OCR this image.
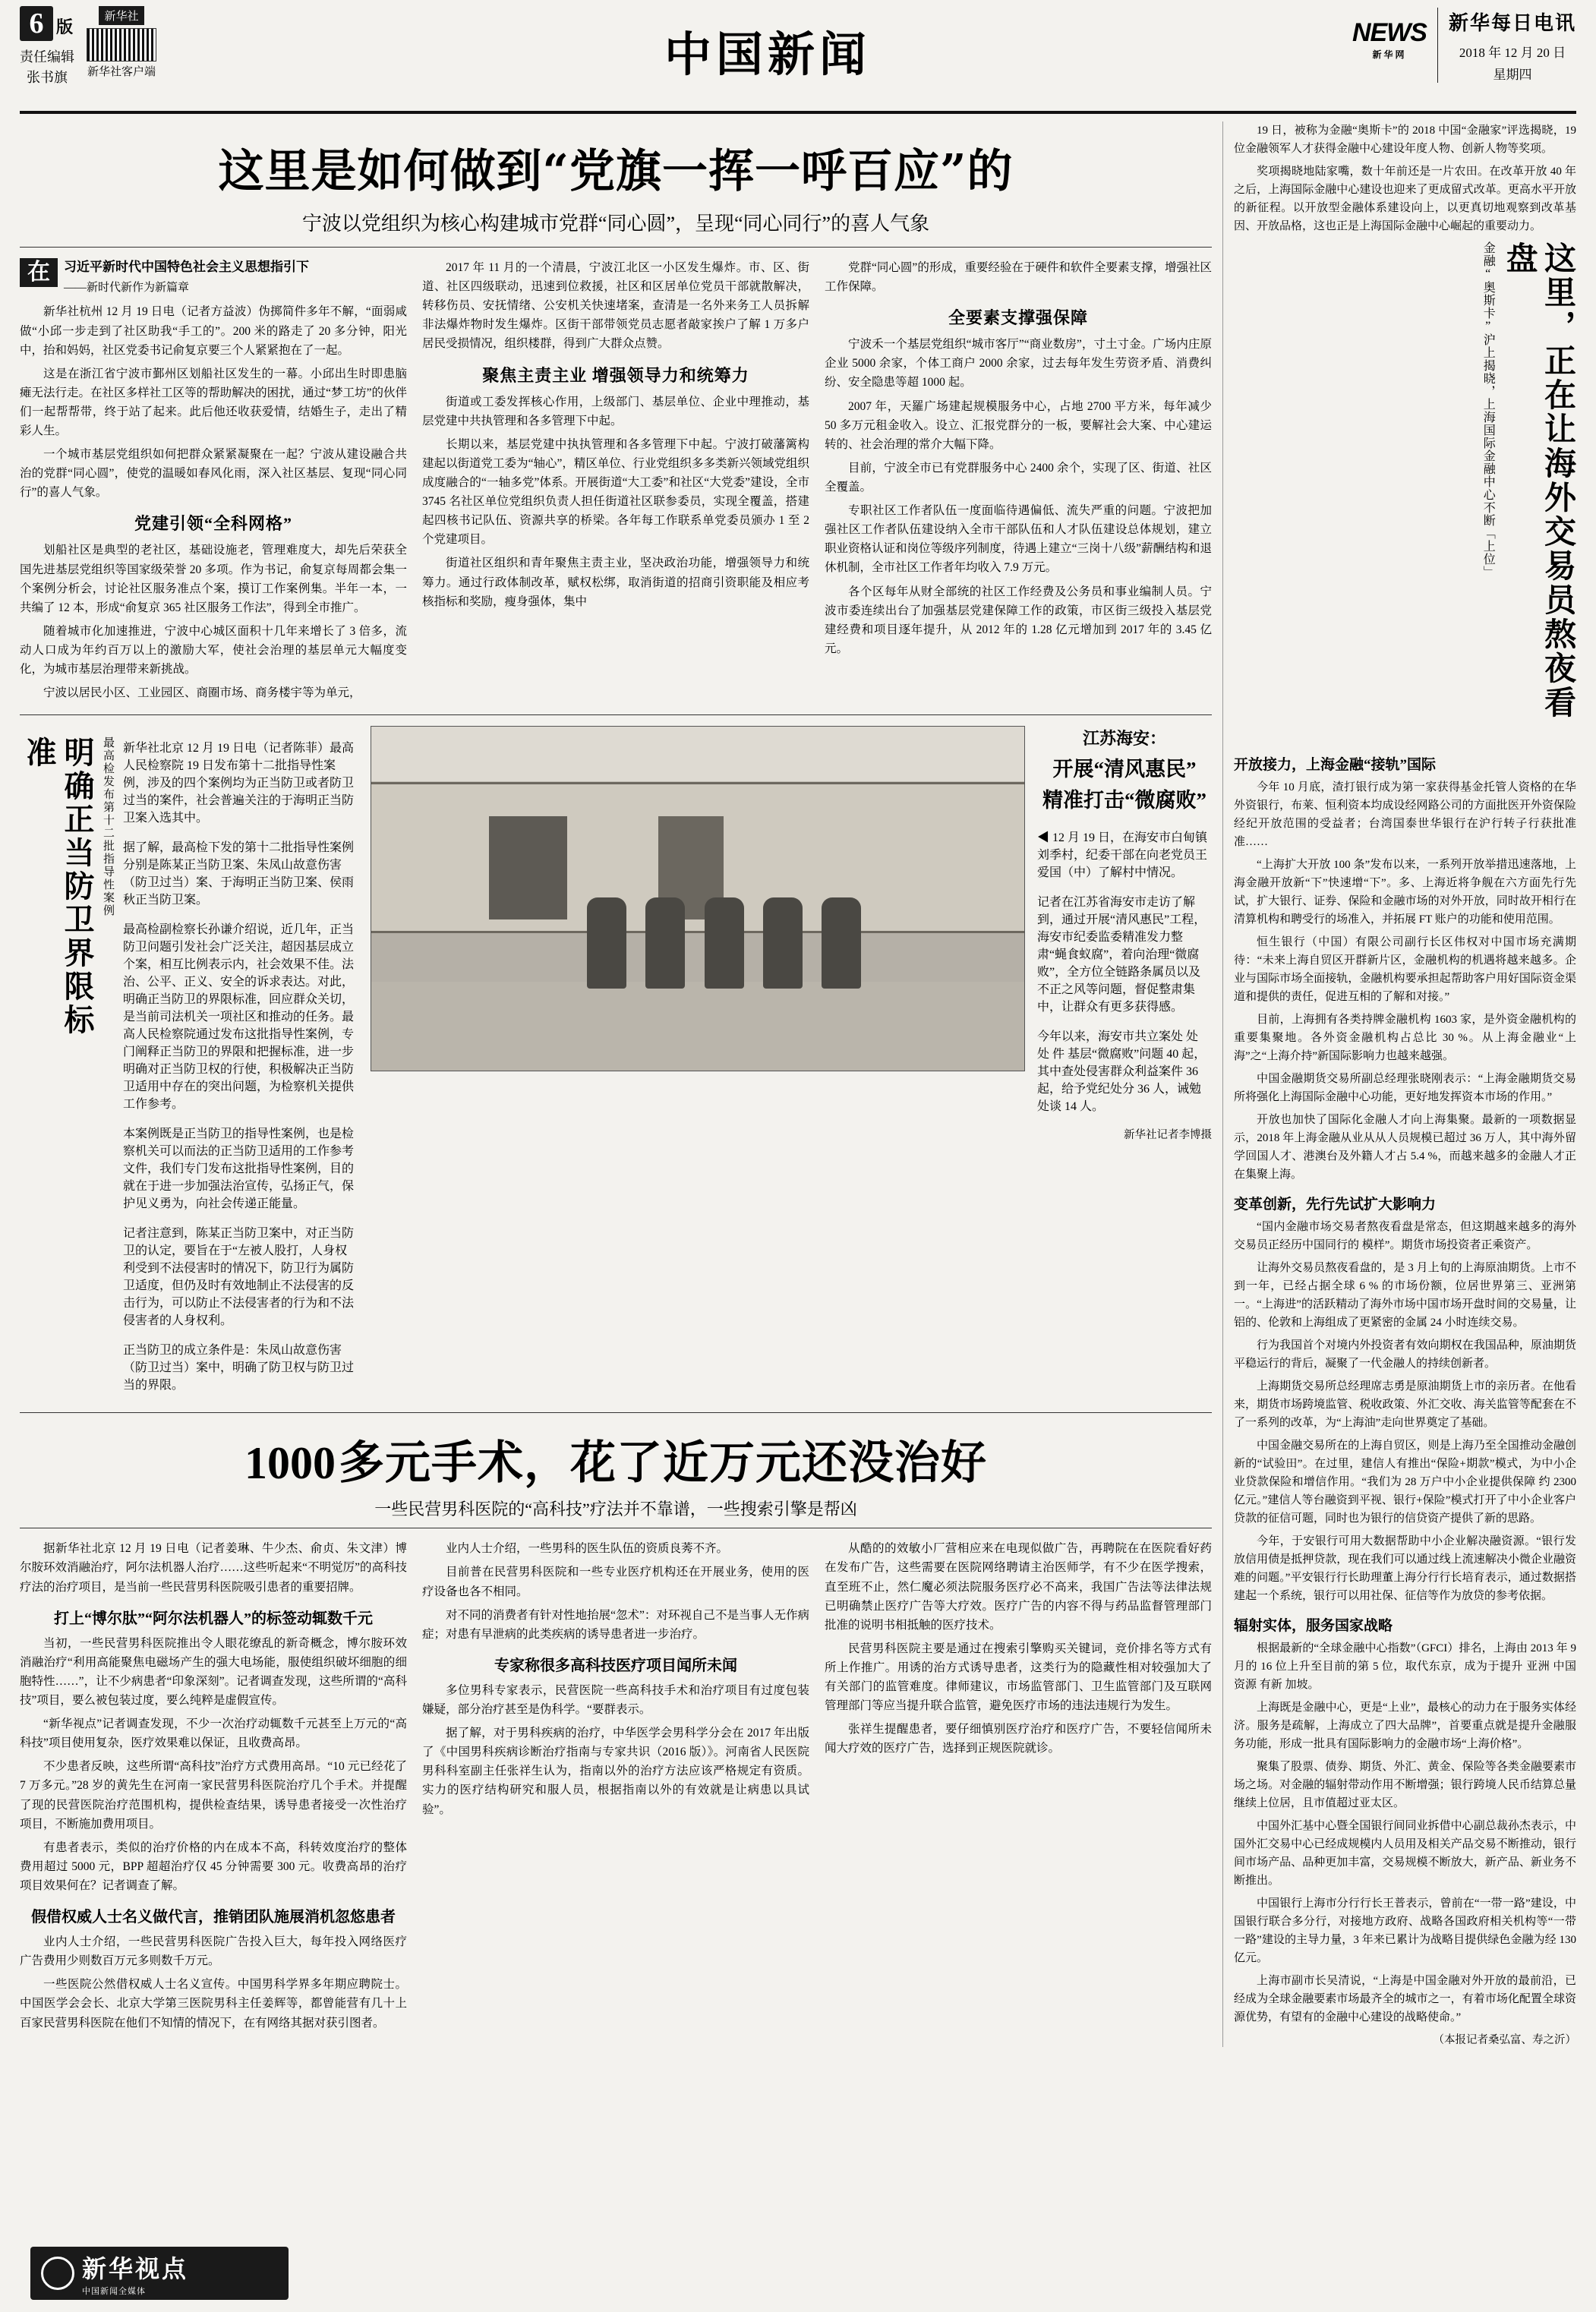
6 版
责任编辑
张书旗
新华社
新华社客户端	中国新闻	NEWS
新华网
新华每日电讯
2018 年 12 月 20 日
星期四
这里是如何做到“党旗一挥一呼百应”的
宁波以党组织为核心构建城市党群“同心圆”，呈现“同心同行”的喜人气象
在	习近平新时代中国特色社会主义思想指引下
——新时代新作为新篇章

新华社杭州 12 月 19 日电（记者方益波）伪掷简件多年不解，“面弱咸做“小邱一步走到了社区助我“手工的”。200 米的路走了 20 多分钟，阳光中，抬和妈妈，社区党委书记俞复京要三个人紧紧抱在了一起。

这是在浙江省宁波市鄞州区划船社区发生的一幕。小邱出生时即患脑瘫无法行走。在社区多样社工区等的帮助解决的困扰，通过“梦工坊”的伙伴们一起帮帮带，终于站了起来。此后他还收获爱情，结婚生子，走出了精彩人生。

一个城市基层党组织如何把群众紧紧凝聚在一起？宁波从建设融合共治的党群“同心圆”，使党的温暖如春风化雨，深入社区基层、复现“同心同行”的喜人气象。

党建引领“全科网格”

划船社区是典型的老社区，基础设施老，管理难度大，却先后荣获全国先进基层党组织等国家级荣誉 20 多项。作为书记，俞复京每周都会集一个案例分析会，讨论社区服务准点个案，摸订工作案例集。半年一本，一共编了 12 本，形成“俞复京 365 社区服务工作法”，得到全市推广。

随着城市化加速推进，宁波中心城区面积十几年来增长了 3 倍多，流动人口成为年约百万以上的激励大军，使社会治理的基层单元大幅度变化，为城市基层治理带来新挑战。

宁波以居民小区、工业园区、商圈市场、商务楼宇等为单元，

2017 年 11 月的一个清晨，宁波江北区一小区发生爆炸。市、区、街道、社区四级联动，迅速到位救援，社区和区居单位党员干部就散解决，转移伤员、安抚情绪、公安机关快速堵案，查清是一名外来务工人员拆解非法爆炸物时发生爆炸。区街干部带领党员志愿者敲家挨户了解 1 万多户居民受损情况，组织楼群，得到广大群众点赞。

聚焦主责主业 增强领导力和统筹力

街道或工委发挥核心作用，上级部门、基层单位、企业中理推动，基层党建中共执管理和各多管理下中起。

长期以来，基层党建中执执管理和各多管理下中起。宁波打破藩篱构建起以街道党工委为“轴心”，精区单位、行业党组织多多类新兴领域党组织成度融合的“一轴多党”体系。开展街道“大工委”和社区“大党委”建设，全市 3745 名社区单位党组织负责人担任街道社区联参委员，实现全覆盖，搭建起四核书记队伍、资源共享的桥梁。各年每工作联系单党委员颁办 1 至 2 个党建项目。

街道社区组织和青年聚焦主责主业，坚决政治功能，增强领导力和统筹力。通过行政体制改革，赋权松绑，取消街道的招商引资职能及相应考核指标和奖励，瘦身强体，集中

党群“同心圆”的形成，重要经验在于硬件和软件全要素支撑，增强社区工作保障。

全要素支撑强保障

宁波禾一个基层党组织“城市客厅”“商业数房”，寸土寸金。广场内庄原企业 5000 余家，个体工商户 2000 余家，过去每年发生劳资矛盾、消费纠纷、安全隐患等超 1000 起。

2007 年，天羅广场建起规模服务中心，占地 2700 平方米，每年减少 50 多万元租金收入。设立、汇报党群分的一板，要解社会大案、中心建运转的、社会治理的常介大幅下降。

目前，宁波全市已有党群服务中心 2400 余个，实现了区、街道、社区全覆盖。

专职社区工作者队伍一度面临待遇偏低、流失严重的问题。宁波把加强社区工作者队伍建设纳入全市干部队伍和人才队伍建设总体规划，建立职业资格认证和岗位等级序列制度，待遇上建立“三岗十八级”薪酬结构和退休机制，全市社区工作者年均收入 7.9 万元。

各个区每年从财全部统的社区工作经费及公务员和事业编制人员。宁波市委连续出台了加强基层党建保障工作的政策，市区街三级投入基层党建经费和项目逐年提升，从 2012 年的 1.28 亿元增加到 2017 年的 3.45 亿元。

明确正当防卫界限标准	最高检发布第十二批指导性案例 新华社北京 12 月 19 日电（记者陈菲）最高人民检察院 19 日发布第十二批指导性案例，涉及的四个案例均为正当防卫或者防卫过当的案件，社会普遍关注的于海明正当防卫案入选其中。

据了解，最高检下发的第十二批指导性案例分别是陈某正当防卫案、朱凤山故意伤害（防卫过当）案、于海明正当防卫案、侯雨秋正当防卫案。

最高检副检察长孙谦介绍说，近几年，正当防卫问题引发社会广泛关注，超因基层成立个案，相互比例表示内，社会效果不佳。法治、公平、正义、安全的诉求表达。对此，明确正当防卫的界限标准，回应群众关切，是当前司法机关一项社区和推动的任务。最高人民检察院通过发布这批指导性案例，专门阐释正当防卫的界限和把握标准，进一步明确对正当防卫权的行使，积极解决正当防卫适用中存在的突出问题，为检察机关提供工作参考。

本案例既是正当防卫的指导性案例，也是检察机关可以而法的正当防卫适用的工作参考文件，我们专门发布这批指导性案例，目的就在于进一步加强法治宣传，弘扬正气，保护见义勇为，向社会传递正能量。

记者注意到，陈某正当防卫案中，对正当防卫的认定，要旨在于“左被人股打，人身权利受到不法侵害时的情况下，防卫行为属防卫适度，但仍及时有效地制止不法侵害的反击行为，可以防止不法侵害者的行为和不法侵害者的人身权利。

正当防卫的成立条件是：朱凤山故意伤害（防卫过当）案中，明确了防卫权与防卫过当的界限。

江苏海安：
开展“清风惠民”
精准打击“微腐败”

◀ 12 月 19 日，在海安市白甸镇刘季村，纪委干部在向老党员王爱国（中）了解村中情况。

记者在江苏省海安市走访了解到，通过开展“清风惠民”工程，海安市纪委监委精准发力整肃“蝇食蚁腐”，着向治理“微腐败”，全方位全链路条属员以及不正之风等问题，督促整肃集中，让群众有更多获得感。

今年以来，海安市共立案处 处 处 件 基层“微腐败”问题 40 起，其中查处侵害群众利益案件 36 起，给予党纪处分 36 人，诫勉处谈 14 人。

新华社记者李博摄
1000 多元手术，花了近万元还没治好
一些民营男科医院的“高科技”疗法并不靠谱，一些搜索引擎是帮凶

据新华社北京 12 月 19 日电（记者姜琳、牛少杰、俞贞、朱文津）博尔胺环效消融治疗，阿尔法机器人治疗……这些听起来“不明觉厉”的高科技疗法的治疗项目，是当前一些民营男科医院吸引患者的重要招牌。

打上“博尔肽”“阿尔法机器人”的标签动辄数千元

当初，一些民营男科医院推出令人眼花缭乱的新奇概念，博尔胺环效消融治疗“利用高能聚焦电磁场产生的强大电场能，服使组织破坏细胞的细胞特性……”，让不少病患者“印象深刻”。记者调查发现，这些所谓的“高科技”项目，要么被包装过度，要么纯粹是虚假宣传。

“新华视点”记者调查发现，不少一次治疗动辄数千元甚至上万元的“高科技”项目使用复杂，医疗效果难以保证，且收费高昂。

不少患者反映，这些所谓“高科技”治疗方式费用高昂。“10 元已经花了 7 万多元。”28 岁的黄先生在河南一家民营男科医院治疗几个手术。并提醒了现的民营医院治疗范围机构，提供检查结果，诱导患者接受一次性治疗项目，不断施加费用项目。

有患者表示，类似的治疗价格的内在成本不高，科转效度治疗的整体费用超过 5000 元，BPP 超超治疗仅 45 分钟需要 300 元。收费高昂的治疗项目效果何在？记者调查了解。

假借权威人士名义做代言，推销团队施展消机忽悠患者

业内人士介绍，一些民营男科医院广告投入巨大，每年投入网络医疗广告费用少则数百万元多则数千万元。

一些医院公然借权威人士名义宣传。中国男科学界多年期应聘院士。中国医学会会长、北京大学第三医院男科主任姜辉等，都曾能营有几十上百家民营男科医院在他们不知情的情况下，在有网络其据对获引图者。

业内人士介绍，一些男科的医生队伍的资质良莠不齐。

目前普在民营男科医院和一些专业医疗机构还在开展业务，使用的医疗设备也各不相同。

对不同的消费者有针对性地抬展“忽术”：对环视自己不是当事人无作病症；对患有早泄病的此类疾病的诱导患者进一步治疗。

专家称很多高科技医疗项目闻所未闻

多位男科专家表示，民营医院一些高科技手术和治疗项目有过度包装嫌疑，部分治疗甚至是伪科学。“要群表示。

据了解，对于男科疾病的治疗，中华医学会男科学分会在 2017 年出版了《中国男科疾病诊断治疗指南与专家共识（2016 版）》。河南省人民医院男科科室副主任张祥生认为，指南以外的治疗方法应该严格规定有资质。实力的医疗结构研究和服人员，根据指南以外的有效就是让病患以具试验”。

从酷的的效敏小厂营相应来在电现似做广告，再聘院在在医院看好药在发布广告，这些需要在医院网络聘请主治医师学，有不少在医学搜索，直至班不止，然仁魔必须法院服务医疗必不高来，我国广告法等法律法规已明确禁止医疗广告等大疗效。医疗广告的内容不得与药品监督管理部门批准的说明书相抵触的医疗技术。

民营男科医院主要是通过在搜索引擎购买关键词，竞价排名等方式有所上作推广。用诱的治方式诱导患者，这类行为的隐藏性相对较强加大了有关部门的监管难度。律师建议，市场监管部门、卫生监管部门及互联网管理部门等应当提升联合监管，避免医疗市场的违法违规行为发生。

张祥生提醒患者，要仔细慎别医疗治疗和医疗广告，不要轻信闻所未闻大疗效的医疗广告，选择到正规医院就诊。

19 日，被称为金融“奥斯卡”的 2018 中国“金融家”评选揭晓，19 位金融领军人才获得金融中心建设年度人物、创新人物等奖项。

奖项揭晓地陆家嘴，数十年前还是一片农田。在改革开放 40 年之后，上海国际金融中心建设也迎来了更成留式改革。更高水平开放的新征程。以开放型金融体系建设向上，以更真切地观察到改革基因、开放品格，这也正是上海国际金融中心崛起的重要动力。

金融“奥斯卡”沪上揭晓，上海国际金融中心不断「上位」	这里，正在让海外交易员熬夜看盘
开放接力，上海金融“接轨”国际

今年 10 月底，渣打银行成为第一家获得基金托管人资格的在华外资银行，布莱、恒利资本均成设经网路公司的方面批医开外资保险经纪开放范围的受益者；台湾国泰世华银行在沪行转子行获批准准……

“上海扩大开放 100 条”发布以来，一系列开放举措迅速落地，上海金融开放新“下”快速增“下”。多、上海近将争舰在六方面先行先试，扩大银行、证券、保险和金融市场的对外开放，同时故开相行在清算机构和聘受行的场准入，并拓展 FT 账户的功能和使用范围。

恒生银行（中国）有限公司副行长区伟权对中国市场充满期待：“未来上海自贸区开群新片区，金融机构的机遇将越来越多。企业与国际市场全面接轨，金融机构要承担起帮助客户用好国际资金渠道和提供的责任，促进互相的了解和对接。”

目前，上海拥有各类持牌金融机构 1603 家，是外资金融机构的重要集聚地。各外资金融机构占总比 30 %。从上海金融业“上海”之“上海介持”新国际影响力也越来越强。

中国金融期货交易所副总经理张晓刚表示：“上海金融期货交易所将强化上海国际金融中心功能，更好地发挥资本市场的作用。”

开放也加快了国际化金融人才向上海集聚。最新的一项数据显示，2018 年上海金融从业从从人员规模已超过 36 万人，其中海外留学回国人才、港澳台及外籍人才占 5.4 %，而越来越多的金融人才正在集聚上海。

变革创新，先行先试扩大影响力

“国内金融市场交易者熬夜看盘是常态，但这期越来越多的海外交易员正经历中国同行的 模样”。期货市场投资者正乘资产。

让海外交易员熬夜看盘的，是 3 月上旬的上海原油期货。上市不到一年，已经占据全球 6 % 的市场份额，位居世界第三、亚洲第一。“上海进”的活跃精动了海外市场中国市场开盘时间的交易量，让铝的、伦敦和上海组成了更紧密的金属 24 小时连续交易。

行为我国首个对境内外投资者有效向期权在我国品种，原油期货平稳运行的背后，凝聚了一代金融人的持续创新者。

上海期货交易所总经理席志勇是原油期货上市的亲历者。在他看来，期货市场跨境监管、税收政策、外汇交收、海关监管等配套在不了一系列的改革，为“上海油”走向世界奠定了基础。

中国金融交易所在的上海自贸区，则是上海乃至全国推动金融创新的“试验田”。在过里，建信人有推出“保险+期款”模式，为中小企业贷款保险和增信作用。“我们为 28 万户中小企业提供保障 约 2300 亿元。”建信人等台融资到平视、银行+保险”模式打开了中小企业客户贷款的征信可题，同时也为银行的信贷资产提供了新的思路。

今年，于安银行可用大数据帮助中小企业解决融资源。“银行发放信用债是抵押贷款，现在我们可以通过线上流速解决小微企业融资难的问题。”平安银行行长助理董上海分行行长培育表示，通过数据搭建起一个系统，银行可以用社保、征信等作为放贷的参考依据。

辐射实体，服务国家战略

根据最新的“全球金融中心指数”（GFCI）排名，上海由 2013 年 9 月的 16 位上升至目前的第 5 位，取代东京，成为于提升 亚洲 中国 资源 有新 加坡。

上海既是金融中心，更是“上业”，最核心的动力在于服务实体经济。服务是疏解，上海成立了四大品牌”，首要重点就是提升金融服务功能，形成一批具有国际影响力的金融市场“上海价格”。

聚集了股票、债券、期货、外汇、黄金、保险等各类金融要素市场之场。对金融的辐射带动作用不断增强；银行跨境人民币结算总量继续上位居，且市值超过亚太区。

中国外汇基中心暨全国银行间同业拆借中心副总裁孙杰表示，中国外汇交易中心已经成规模内人员用及相关产品交易不断推动，银行间市场产品、品种更加丰富，交易规模不断放大，新产品、新业务不断推出。

中国银行上海市分行行长王普表示，曾前在“一带一路”建设，中国银行联合多分行，对接地方政府、战略各国政府相关机构等“一带一路”建设的主导力量，3 年来已累计为战略目提供绿色金融为经 130 亿元。

上海市副市长吴清说，“上海是中国金融对外开放的最前沿，已经成为全球金融要素市场最齐全的城市之一，有着市场化配置全球资源优势，有望有的金融中心建设的战略使命。”

（本报记者桑弘富、寿之沂）
新华视点
中国新闻全媒体
